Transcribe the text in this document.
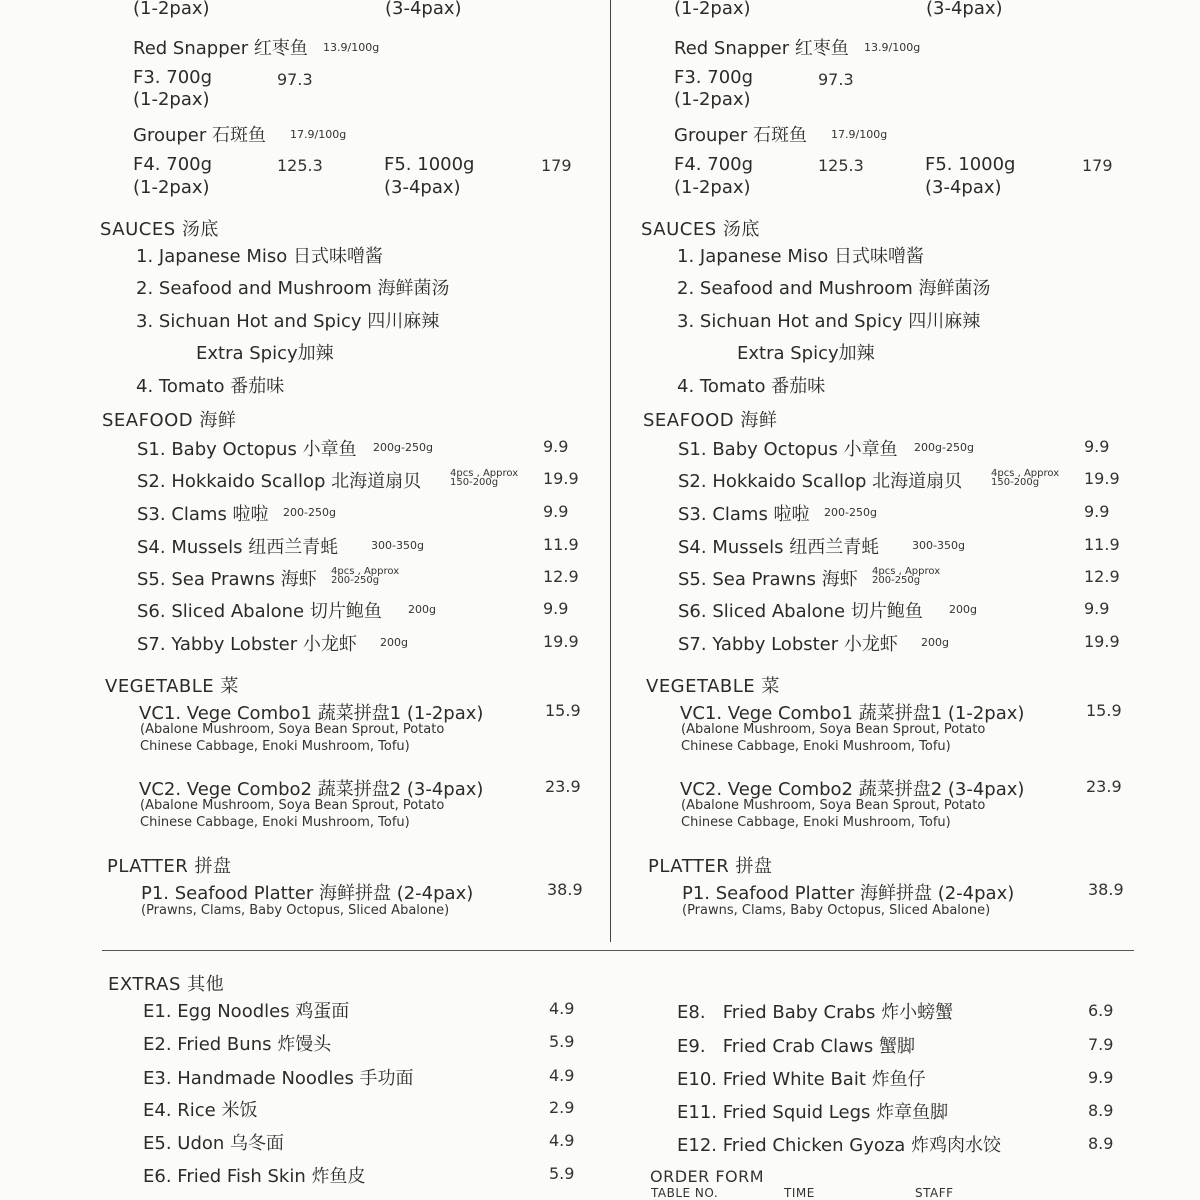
(1-2pax)	(3-4pax)
Red Snapper 红枣鱼 13.9/100g
F3. 700g	97.3
(1-2pax)
Grouper 石斑鱼 17.9/100g
F4. 700g	125.3
(1-2pax)
F5. 1000g	179
(3-4pax)
SAUCES 汤底
1. Japanese Miso 日式味噌酱
2. Seafood and Mushroom 海鲜菌汤
3. Sichuan Hot and Spicy 四川麻辣
Extra Spicy加辣
4. Tomato 番茄味
SEAFOOD 海鲜
S1. Baby Octopus 小章鱼 200g-250g	9.9
S2. Hokkaido Scallop 北海道扇贝	4pcs , Approx
150-200g	19.9
S3. Clams 啦啦 200-250g	9.9
S4. Mussels 纽西兰青蚝	300-350g	11.9
S5. Sea Prawns 海虾 4pcs , Approx
200-250g	12.9
S6. Sliced Abalone 切片鲍鱼 200g	9.9
S7. Yabby Lobster 小龙虾 200g	19.9
VEGETABLE 菜
VC1. Vege Combo1 蔬菜拼盘1 (1-2pax)
(Abalone Mushroom, Soya Bean Sprout, Potato
Chinese Cabbage, Enoki Mushroom, Tofu)
15.9
VC2. Vege Combo2 蔬菜拼盘2 (3-4pax)
(Abalone Mushroom, Soya Bean Sprout, Potato
Chinese Cabbage, Enoki Mushroom, Tofu)
23.9
PLATTER 拼盘
P1. Seafood Platter 海鲜拼盘 (2-4pax)
(Prawns, Clams, Baby Octopus, Sliced Abalone)
38.9
(1-2pax)	(3-4pax)
Red Snapper 红枣鱼 13.9/100g
F3. 700g	97.3
(1-2pax)
Grouper 石斑鱼 17.9/100g
F4. 700g	125.3
(1-2pax)
F5. 1000g	179
(3-4pax)
SAUCES 汤底
1. Japanese Miso 日式味噌酱
2. Seafood and Mushroom 海鲜菌汤
3. Sichuan Hot and Spicy 四川麻辣
Extra Spicy加辣
4. Tomato 番茄味
SEAFOOD 海鲜
S1. Baby Octopus 小章鱼 200g-250g	9.9
S2. Hokkaido Scallop 北海道扇贝	4pcs , Approx
150-200g	19.9
S3. Clams 啦啦 200-250g	9.9
S4. Mussels 纽西兰青蚝	300-350g	11.9
S5. Sea Prawns 海虾 4pcs , Approx
200-250g	12.9
S6. Sliced Abalone 切片鲍鱼 200g	9.9
S7. Yabby Lobster 小龙虾 200g	19.9
VEGETABLE 菜
VC1. Vege Combo1 蔬菜拼盘1 (1-2pax)
(Abalone Mushroom, Soya Bean Sprout, Potato
Chinese Cabbage, Enoki Mushroom, Tofu)
15.9
VC2. Vege Combo2 蔬菜拼盘2 (3-4pax)
(Abalone Mushroom, Soya Bean Sprout, Potato
Chinese Cabbage, Enoki Mushroom, Tofu)
23.9
PLATTER 拼盘
P1. Seafood Platter 海鲜拼盘 (2-4pax)
(Prawns, Clams, Baby Octopus, Sliced Abalone)
38.9
EXTRAS 其他
E1. Egg Noodles 鸡蛋面	4.9
E2. Fried Buns 炸馒头	5.9
E3. Handmade Noodles 手功面	4.9
E4. Rice 米饭	2.9
E5. Udon 乌冬面	4.9
E6. Fried Fish Skin 炸鱼皮	5.9
E8.   Fried Baby Crabs 炸小螃蟹	6.9
E9.   Fried Crab Claws 蟹脚	7.9
E10. Fried White Bait 炸鱼仔	9.9
E11. Fried Squid Legs 炸章鱼脚	8.9
E12. Fried Chicken Gyoza 炸鸡肉水饺	8.9
ORDER FORM
TABLE NO.	TIME	STAFF
